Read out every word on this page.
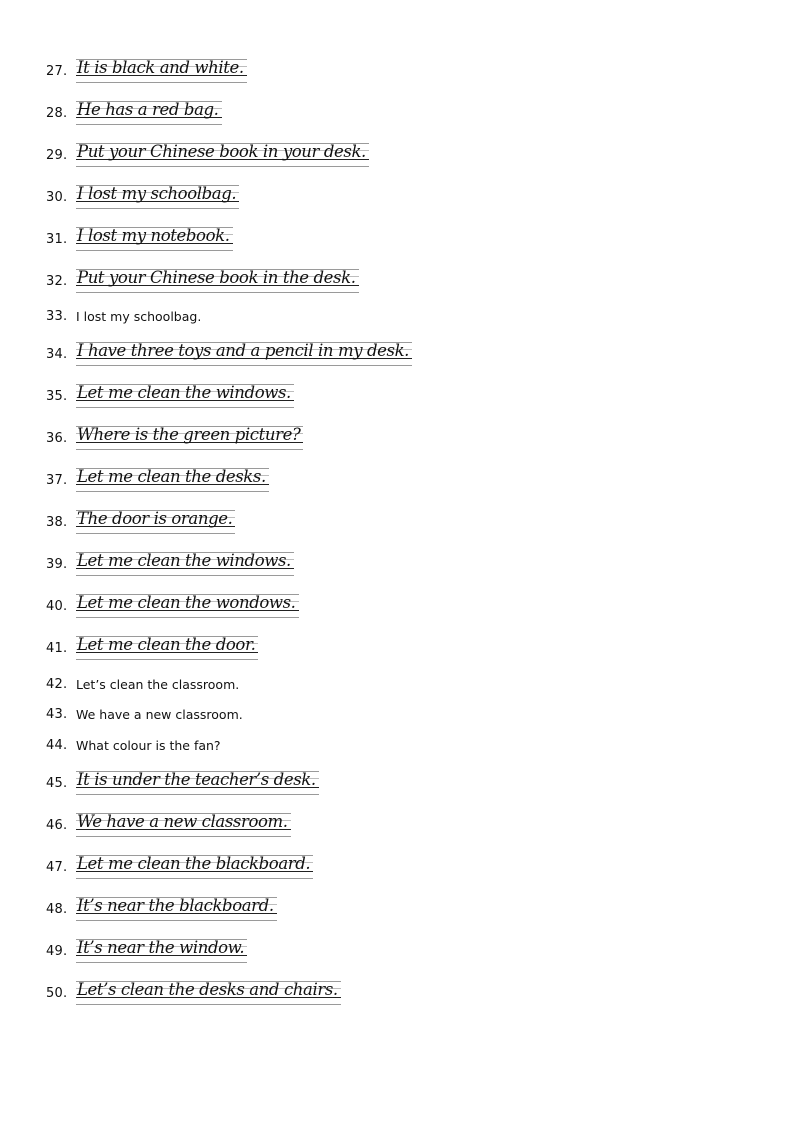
27. It is black and white.
28. He has a red bag.
29. Put your Chinese book in your desk.
30. I lost my schoolbag.
31. I lost my notebook.
32. Put your Chinese book in the desk.
33. I lost my schoolbag.
34. I have three toys and a pencil in my desk.
35. Let me clean the windows.
36. Where is the green picture?
37. Let me clean the desks.
38. The door is orange.
39. Let me clean the windows.
40. Let me clean the wondows.
41. Let me clean the door.
42. Let’s clean the classroom.
43. We have a new classroom.
44. What colour is the fan?
45. It is under the teacher’s desk.
46. We have a new classroom.
47. Let me clean the blackboard.
48. It’s near the blackboard.
49. It’s near the window.
50. Let’s clean the desks and chairs.
